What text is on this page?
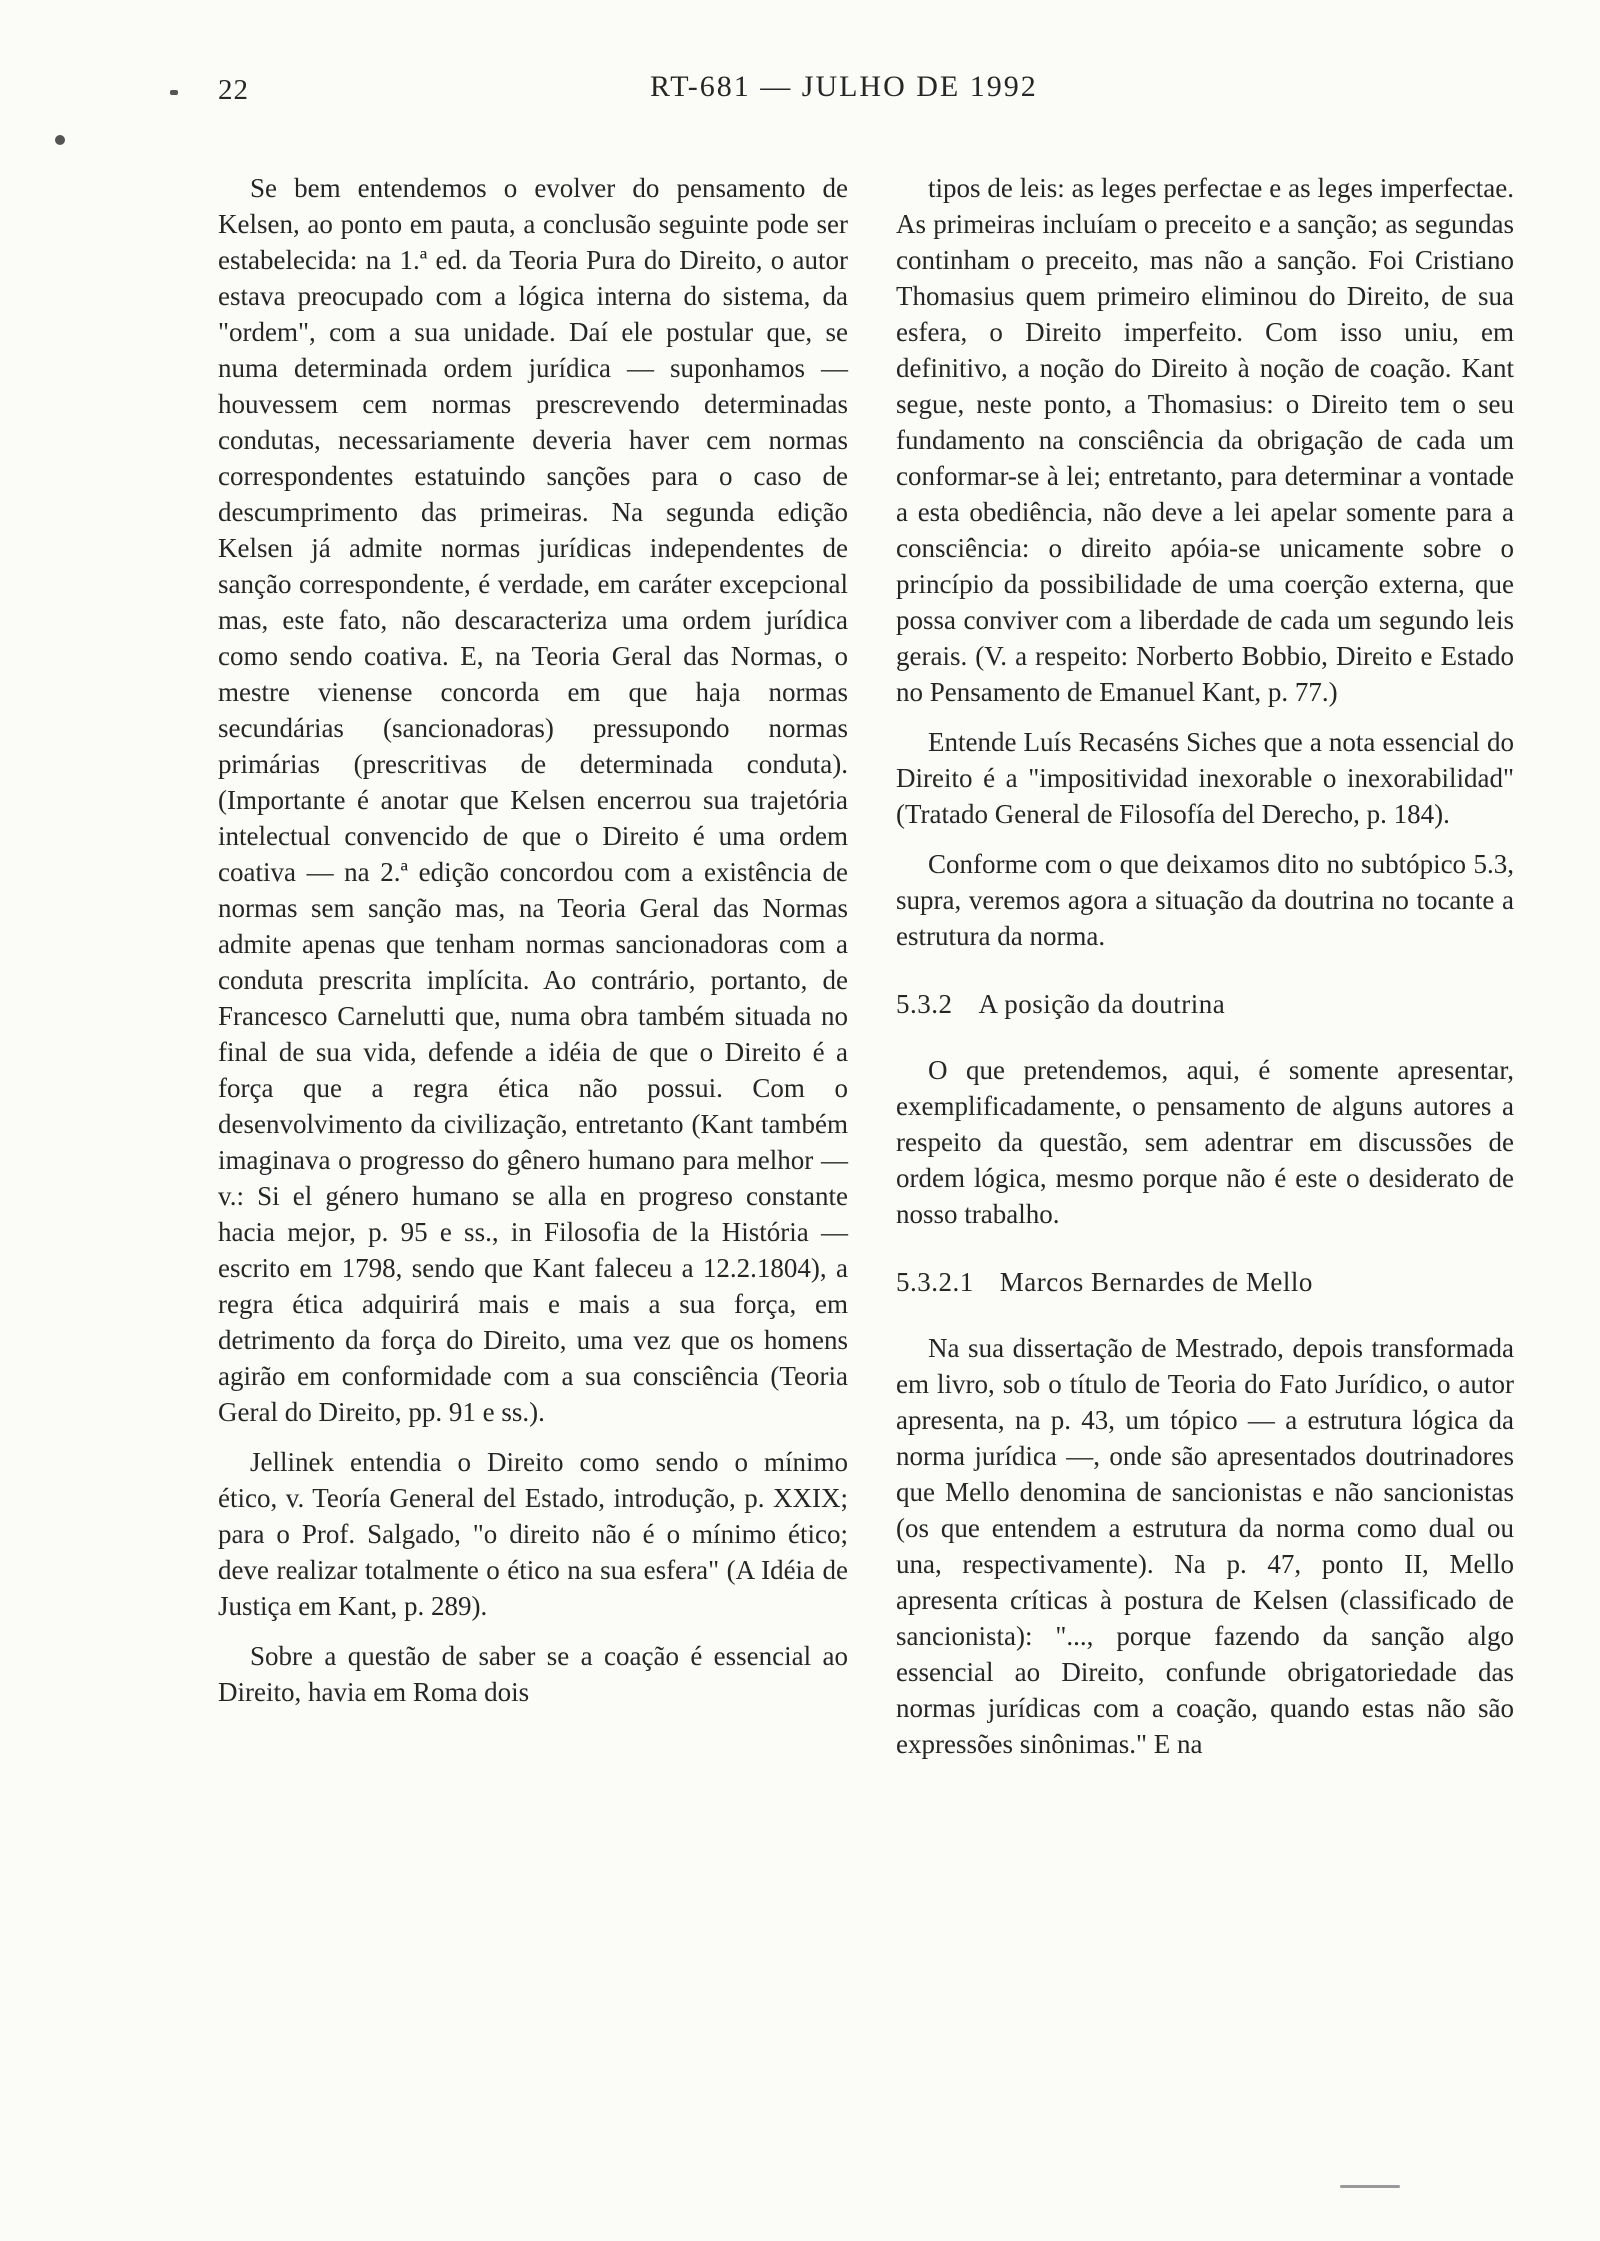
22	RT-681 — JULHO DE 1992

Se bem entendemos o evolver do pensamento de Kelsen, ao ponto em pauta, a conclusão seguinte pode ser estabelecida: na 1.ª ed. da Teoria Pura do Direito, o autor estava preocupado com a lógica interna do sistema, da "ordem", com a sua unidade. Daí ele postular que, se numa determinada ordem jurídica — suponhamos — houvessem cem normas prescrevendo determinadas condutas, necessariamente deveria haver cem normas correspondentes estatuindo sanções para o caso de descumprimento das primeiras. Na segunda edição Kelsen já admite normas jurídicas independentes de sanção correspondente, é verdade, em caráter excepcional mas, este fato, não descaracteriza uma ordem jurídica como sendo coativa. E, na Teoria Geral das Normas, o mestre vienense concorda em que haja normas secundárias (sancionadoras) pressupondo normas primárias (prescritivas de determinada conduta). (Importante é anotar que Kelsen encerrou sua trajetória intelectual convencido de que o Direito é uma ordem coativa — na 2.ª edição concordou com a existência de normas sem sanção mas, na Teoria Geral das Normas admite apenas que tenham normas sancionadoras com a conduta prescrita implícita. Ao contrário, portanto, de Francesco Carnelutti que, numa obra também situada no final de sua vida, defende a idéia de que o Direito é a força que a regra ética não possui. Com o desenvolvimento da civilização, entretanto (Kant também imaginava o progresso do gênero humano para melhor — v.: Si el género humano se alla en progreso constante hacia mejor, p. 95 e ss., in Filosofia de la História — escrito em 1798, sendo que Kant faleceu a 12.2.1804), a regra ética adquirirá mais e mais a sua força, em detrimento da força do Direito, uma vez que os homens agirão em conformidade com a sua consciência (Teoria Geral do Direito, pp. 91 e ss.).

Jellinek entendia o Direito como sendo o mínimo ético, v. Teoría General del Estado, introdução, p. XXIX; para o Prof. Salgado, "o direito não é o mínimo ético; deve realizar totalmente o ético na sua esfera" (A Idéia de Justiça em Kant, p. 289).

Sobre a questão de saber se a coação é essencial ao Direito, havia em Roma dois

tipos de leis: as leges perfectae e as leges imperfectae. As primeiras incluíam o preceito e a sanção; as segundas continham o preceito, mas não a sanção. Foi Cristiano Thomasius quem primeiro eliminou do Direito, de sua esfera, o Direito imperfeito. Com isso uniu, em definitivo, a noção do Direito à noção de coação. Kant segue, neste ponto, a Thomasius: o Direito tem o seu fundamento na consciência da obrigação de cada um conformar-se à lei; entretanto, para determinar a vontade a esta obediência, não deve a lei apelar somente para a consciência: o direito apóia-se unicamente sobre o princípio da possibilidade de uma coerção externa, que possa conviver com a liberdade de cada um segundo leis gerais. (V. a respeito: Norberto Bobbio, Direito e Estado no Pensamento de Emanuel Kant, p. 77.)

Entende Luís Recaséns Siches que a nota essencial do Direito é a "impositividad inexorable o inexorabilidad" (Tratado General de Filosofía del Derecho, p. 184).

Conforme com o que deixamos dito no subtópico 5.3, supra, veremos agora a situação da doutrina no tocante a estrutura da norma.

5.3.2 A posição da doutrina

O que pretendemos, aqui, é somente apresentar, exemplificadamente, o pensamento de alguns autores a respeito da questão, sem adentrar em discussões de ordem lógica, mesmo porque não é este o desiderato de nosso trabalho.

5.3.2.1 Marcos Bernardes de Mello

Na sua dissertação de Mestrado, depois transformada em livro, sob o título de Teoria do Fato Jurídico, o autor apresenta, na p. 43, um tópico — a estrutura lógica da norma jurídica —, onde são apresentados doutrinadores que Mello denomina de sancionistas e não sancionistas (os que entendem a estrutura da norma como dual ou una, respectivamente). Na p. 47, ponto II, Mello apresenta críticas à postura de Kelsen (classificado de sancionista): "..., porque fazendo da sanção algo essencial ao Direito, confunde obrigatoriedade das normas jurídicas com a coação, quando estas não são expressões sinônimas." E na
